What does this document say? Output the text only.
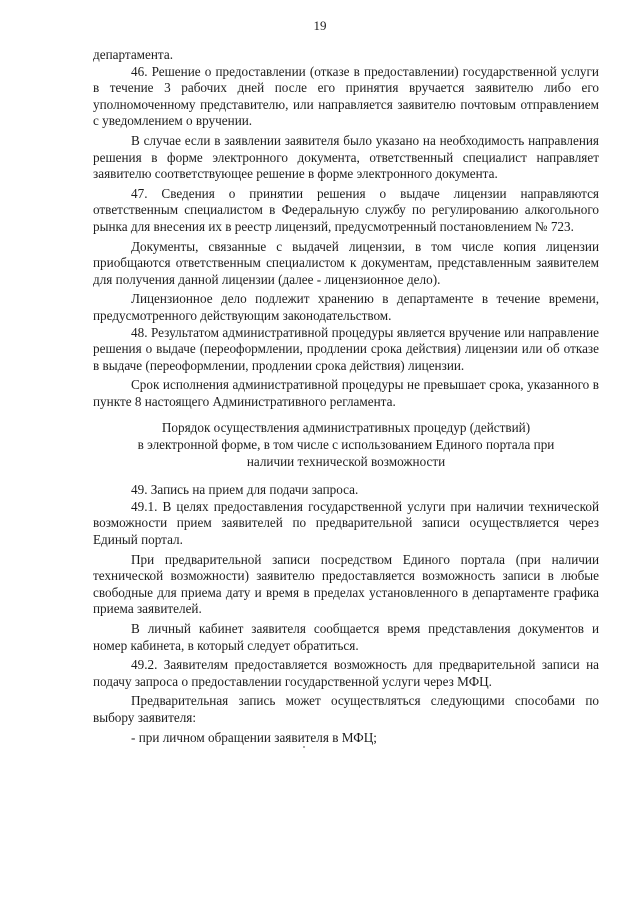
19

департамента.

46. Решение о предоставлении (отказе в предоставлении) государственной услуги в течение 3 рабочих дней после его принятия вручается заявителю либо его уполномоченному представителю, или направляется заявителю почтовым отправлением с уведомлением о вручении.

В случае если в заявлении заявителя было указано на необходимость направления решения в форме электронного документа, ответственный специалист направляет заявителю соответствующее решение в форме электронного документа.

47. Сведения о принятии решения о выдаче лицензии направляются ответственным специалистом в Федеральную службу по регулированию алкогольного рынка для внесения их в реестр лицензий, предусмотренный постановлением № 723.

Документы, связанные с выдачей лицензии, в том числе копия лицензии приобщаются ответственным специалистом к документам, представленным заявителем для получения данной лицензии (далее - лицензионное дело).

Лицензионное дело подлежит хранению в департаменте в течение времени, предусмотренного действующим законодательством.

48. Результатом административной процедуры является вручение или направление решения о выдаче (переоформлении, продлении срока действия) лицензии или об отказе в выдаче (переоформлении, продлении срока действия) лицензии.

Срок исполнения административной процедуры не превышает срока, указанного в пункте 8 настоящего Административного регламента.

Порядок осуществления административных процедур (действий)
в электронной форме, в том числе с использованием Единого портала при
наличии технической возможности

49. Запись на прием для подачи запроса.

49.1. В целях предоставления государственной услуги при наличии технической возможности прием заявителей по предварительной записи осуществляется через Единый портал.

При предварительной записи посредством Единого портала (при наличии технической возможности) заявителю предоставляется возможность записи в любые свободные для приема дату и время в пределах установленного в департаменте графика приема заявителей.

В личный кабинет заявителя сообщается время представления документов и номер кабинета, в который следует обратиться.

49.2. Заявителям предоставляется возможность для предварительной записи на подачу запроса о предоставлении государственной услуги через МФЦ.

Предварительная запись может осуществляться следующими способами по выбору заявителя:

- при личном обращении заявителя в МФЦ;
